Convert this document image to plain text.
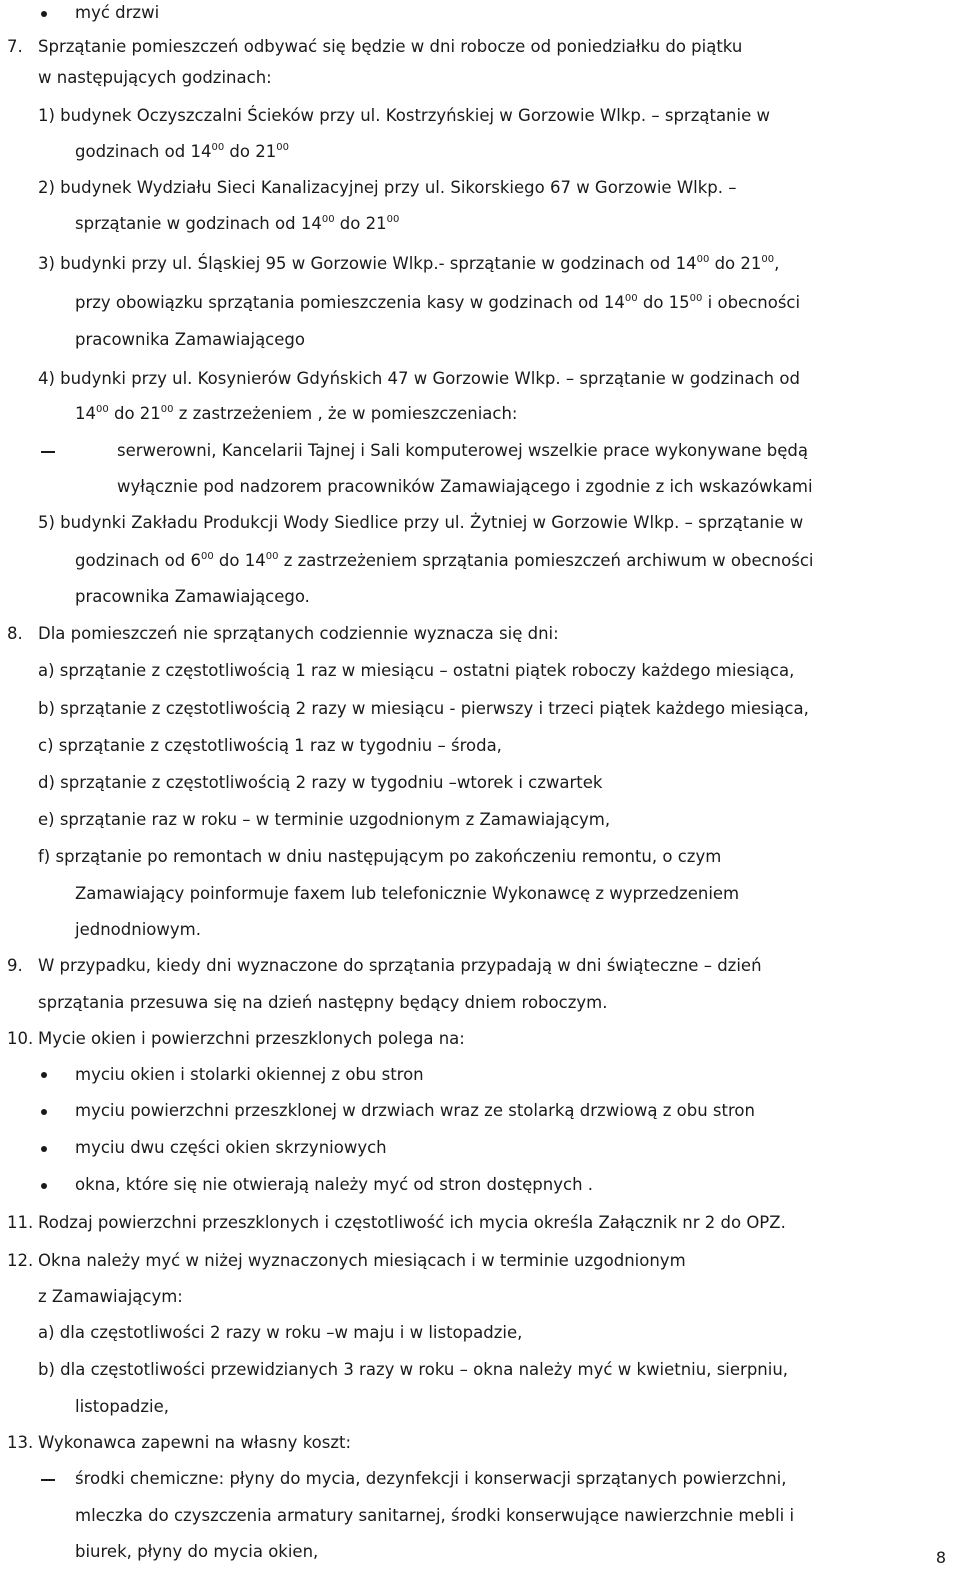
myć drzwi
7. Sprzątanie pomieszczeń odbywać się będzie w dni robocze od poniedziałku do piątku
w następujących godzinach:
1) budynek Oczyszczalni Ścieków przy ul. Kostrzyńskiej w Gorzowie Wlkp. – sprzątanie w
godzinach od $14^{00}$ do $21^{00}$
2) budynek Wydziału Sieci Kanalizacyjnej przy ul. Sikorskiego 67 w Gorzowie Wlkp. –
sprzątanie w godzinach od $14^{00}$ do $21^{00}$
3) budynki przy ul. Śląskiej 95 w Gorzowie Wlkp.- sprzątanie w godzinach od $14^{00}$ do $21^{00}$,
przy obowiązku sprzątania pomieszczenia kasy w godzinach od $14^{00}$ do $15^{00}$ i obecności
pracownika Zamawiającego
4) budynki przy ul. Kosynierów Gdyńskich 47 w Gorzowie Wlkp. – sprzątanie w godzinach od
$14^{00}$ do $21^{00}$ z zastrzeżeniem , że w pomieszczeniach:
serwerowni, Kancelarii Tajnej i Sali komputerowej wszelkie prace wykonywane będą
wyłącznie pod nadzorem pracowników Zamawiającego i zgodnie z ich wskazówkami
5) budynki Zakładu Produkcji Wody Siedlice przy ul. Żytniej w Gorzowie Wlkp. – sprzątanie w
godzinach od $6^{00}$ do $14^{00}$ z zastrzeżeniem sprzątania pomieszczeń archiwum w obecności
pracownika Zamawiającego.
8. Dla pomieszczeń nie sprzątanych codziennie wyznacza się dni:
a) sprzątanie z częstotliwością 1 raz w miesiącu – ostatni piątek roboczy każdego miesiąca,
b) sprzątanie z częstotliwością 2 razy w miesiącu - pierwszy i trzeci piątek każdego miesiąca,
c) sprzątanie z częstotliwością 1 raz w tygodniu – środa,
d) sprzątanie z częstotliwością 2 razy w tygodniu –wtorek i czwartek
e) sprzątanie raz w roku – w terminie uzgodnionym z Zamawiającym,
f) sprzątanie po remontach w dniu następującym po zakończeniu remontu, o czym
Zamawiający poinformuje faxem lub telefonicznie Wykonawcę z wyprzedzeniem
jednodniowym.
9. W przypadku, kiedy dni wyznaczone do sprzątania przypadają w dni świąteczne – dzień
sprzątania przesuwa się na dzień następny będący dniem roboczym.
10. Mycie okien i powierzchni przeszklonych polega na:
myciu okien i stolarki okiennej z obu stron
myciu powierzchni przeszklonej w drzwiach wraz ze stolarką drzwiową z obu stron
myciu dwu części okien skrzyniowych
okna, które się nie otwierają należy myć od stron dostępnych .
11. Rodzaj powierzchni przeszklonych i częstotliwość ich mycia określa Załącznik nr 2 do OPZ.
12. Okna należy myć w niżej wyznaczonych miesiącach i w terminie uzgodnionym
z Zamawiającym:
a) dla częstotliwości 2 razy w roku –w maju i w listopadzie,
b) dla częstotliwości przewidzianych 3 razy w roku – okna należy myć w kwietniu, sierpniu,
listopadzie,
13. Wykonawca zapewni na własny koszt:
środki chemiczne: płyny do mycia, dezynfekcji i konserwacji sprzątanych powierzchni,
mleczka do czyszczenia armatury sanitarnej, środki konserwujące nawierzchnie mebli i
biurek, płyny do mycia okien,	8
